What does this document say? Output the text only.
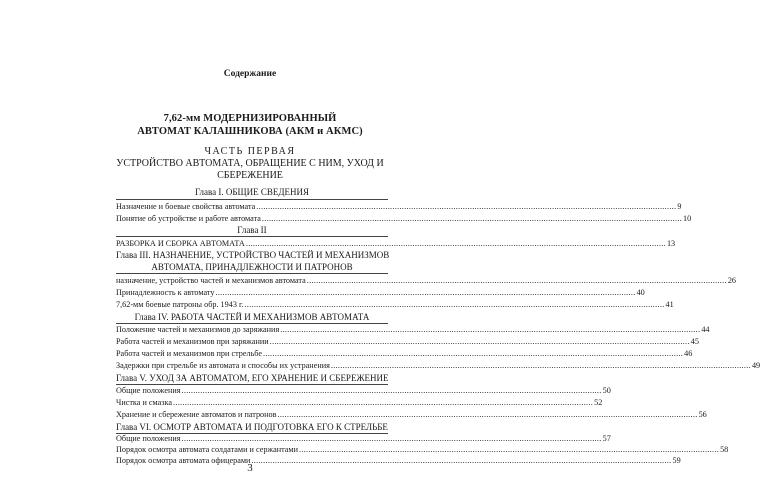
Содержание
7,62-мм МОДЕРНИЗИРОВАННЫЙ
АВТОМАТ КАЛАШНИКОВА (АКМ и АКМС)
ЧАСТЬ ПЕРВАЯ
УСТРОЙСТВО АВТОМАТА, ОБРАЩЕНИЕ С НИМ, УХОД И
СБЕРЕЖЕНИЕ
Глава I. ОБЩИЕ СВЕДЕНИЯ
Назначение и боевые свойства автомата .....	9
Понятие об устройстве и работе автомата .....	10
Глава II
РАЗБОРКА И СБОРКА АВТОМАТА .....	13
Глава III. НАЗНАЧЕНИЕ, УСТРОЙСТВО ЧАСТЕЙ И МЕХАНИЗМОВ
АВТОМАТА, ПРИНАДЛЕЖНОСТИ И ПАТРОНОВ
назначение, устройство частей и механизмов автомата .....	26
Принадлежность к автомату .....	40
7,62-мм боевые патроны обр. 1943 г. .....	41
Глава IV. РАБОТА ЧАСТЕЙ И МЕХАНИЗМОВ АВТОМАТА
Положение частей и механизмов до заряжания .....	44
Работа частей и механизмов при заряжании .....	45
Работа частей и механизмов при стрельбе .....	46
Задержки при стрельбе из автомата и способы их устранения .....	49
Глава V. УХОД ЗА АВТОМАТОМ, ЕГО ХРАНЕНИЕ И СБЕРЕЖЕНИЕ
Общие положения .....	50
Чистка и смазка .....	52
Хранение и сбережение автоматов и патронов .....	56
Глава VI. ОСМОТР АВТОМАТА И ПОДГОТОВКА ЕГО К СТРЕЛЬБЕ
Общие положения .....	57
Порядок осмотра автомата солдатами и сержантами .....	58
Порядок осмотра автомата офицерами .....	59
3
